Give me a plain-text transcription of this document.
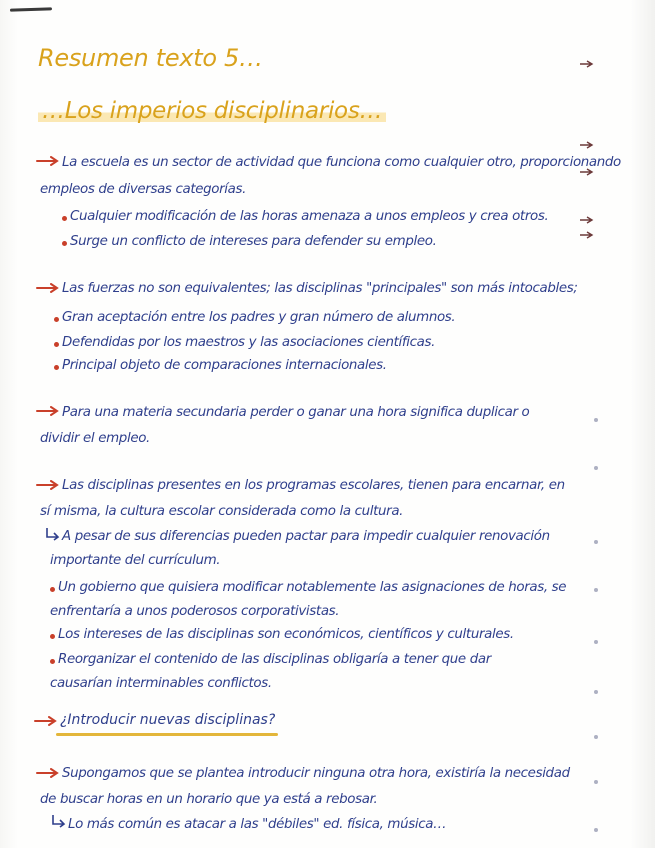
Resumen texto 5…
…Los imperios disciplinarios…
La escuela es un sector de actividad que funciona como cualquier otro, proporcionando
empleos de diversas categorías.
Cualquier modificación de las horas amenaza a unos empleos y crea otros.
Surge un conflicto de intereses para defender su empleo.
Las fuerzas no son equivalentes; las disciplinas "principales" son más intocables;
Gran aceptación entre los padres y gran número de alumnos.
Defendidas por los maestros y las asociaciones científicas.
Principal objeto de comparaciones internacionales.
Para una materia secundaria perder o ganar una hora significa duplicar o
dividir el empleo.
Las disciplinas presentes en los programas escolares, tienen para encarnar, en
sí misma, la cultura escolar considerada como la cultura.
A pesar de sus diferencias pueden pactar para impedir cualquier renovación
importante del currículum.
Un gobierno que quisiera modificar notablemente las asignaciones de horas, se
enfrentaría a unos poderosos corporativistas.
Los intereses de las disciplinas son económicos, científicos y culturales.
Reorganizar el contenido de las disciplinas obligaría a tener que dar
causarían interminables conflictos.
¿Introducir nuevas disciplinas?
Supongamos que se plantea introducir ninguna otra hora, existiría la necesidad
de buscar horas en un horario que ya está a rebosar.
Lo más común es atacar a las "débiles" ed. física, música…
